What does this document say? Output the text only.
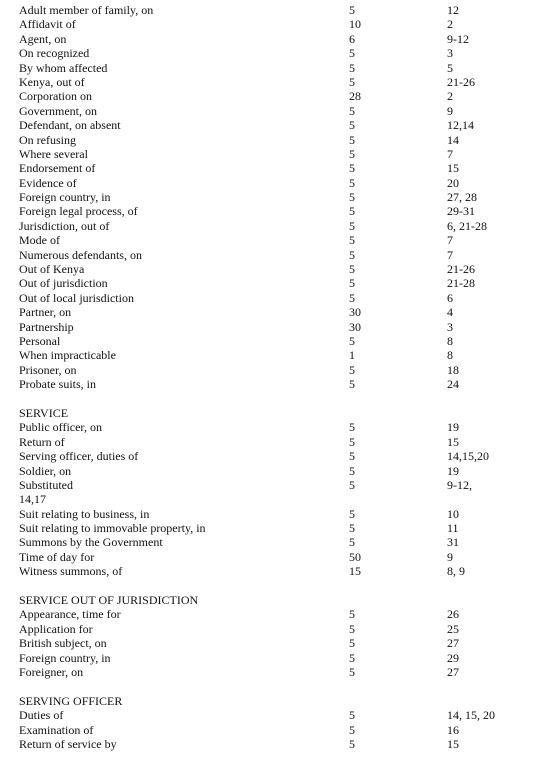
Adult member of family, on	5	12
Affidavit of	10	2
Agent, on	6	9-12
On recognized	5	3
By whom affected	5	5
Kenya, out of	5	21-26
Corporation on	28	2
Government, on	5	9
Defendant, on absent	5	12,14
On refusing	5	14
Where several	5	7
Endorsement of	5	15
Evidence of	5	20
Foreign country, in	5	27, 28
Foreign legal process, of	5	29-31
Jurisdiction, out of	5	6, 21-28
Mode of	5	7
Numerous defendants, on	5	7
Out of Kenya	5	21-26
Out of jurisdiction	5	21-28
Out of local jurisdiction	5	6
Partner, on	30	4
Partnership	30	3
Personal	5	8
When impracticable	1	8
Prisoner, on	5	18
Probate suits, in	5	24
SERVICE
Public officer, on	5	19
Return of	5	15
Serving officer, duties of	5	14,15,20
Soldier, on	5	19
Substituted	5	9-12,
14,17
Suit relating to business, in	5	10
Suit relating to immovable property, in	5	11
Summons by the Government	5	31
Time of day for	50	9
Witness summons, of	15	8, 9
SERVICE OUT OF JURISDICTION
Appearance, time for	5	26
Application for	5	25
British subject, on	5	27
Foreign country, in	5	29
Foreigner, on	5	27
SERVING OFFICER
Duties of	5	14, 15, 20
Examination of	5	16
Return of service by	5	15
